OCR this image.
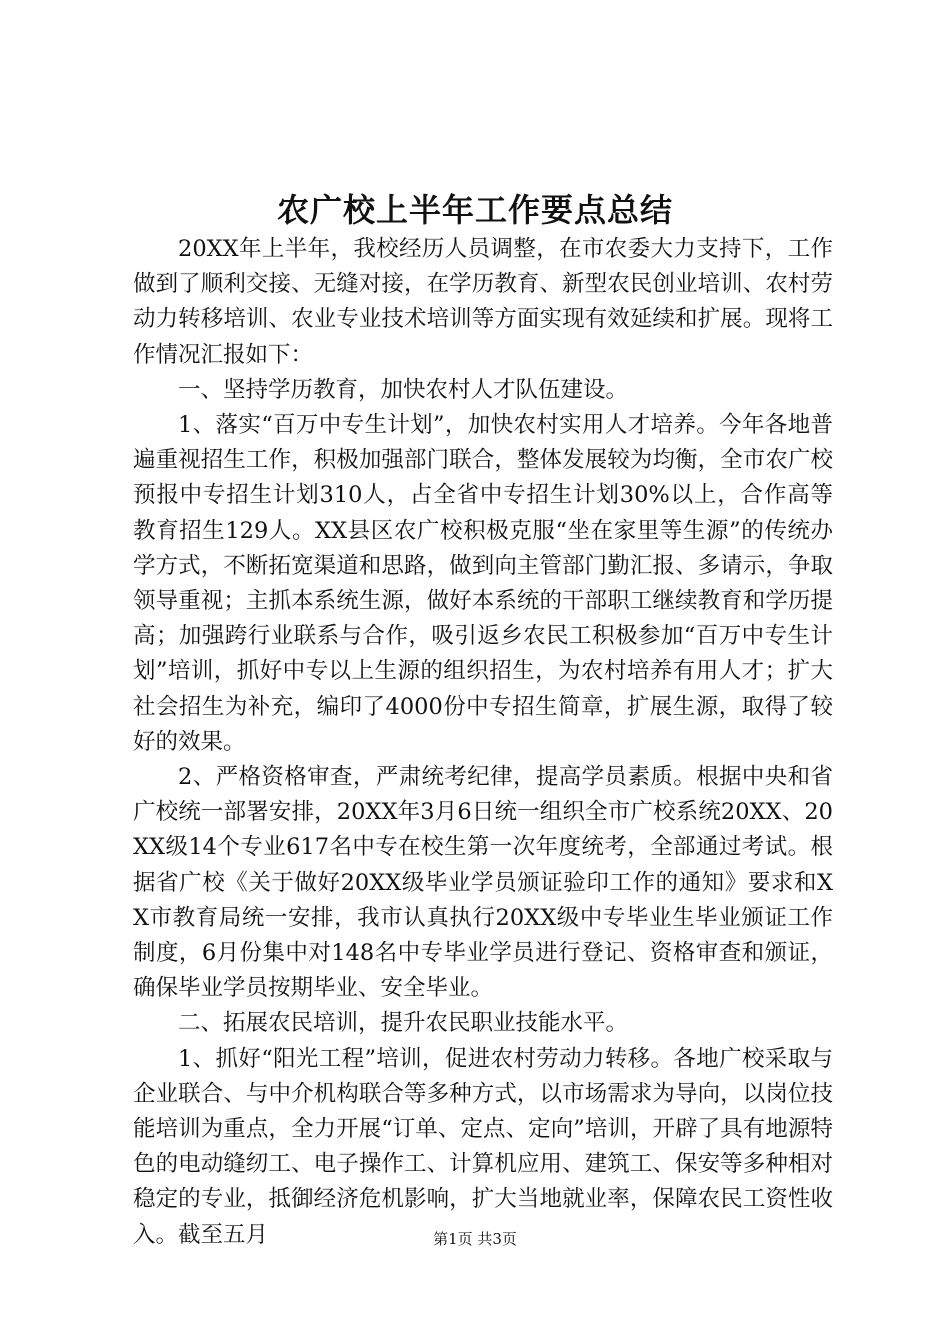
农广校上半年工作要点总结

20XX年上半年，我校经历人员调整，在市农委大力支持下，工作做到了顺利交接、无缝对接，在学历教育、新型农民创业培训、农村劳动力转移培训、农业专业技术培训等方面实现有效延续和扩展。现将工作情况汇报如下：

一、坚持学历教育，加快农村人才队伍建设。

1、落实“百万中专生计划”，加快农村实用人才培养。今年各地普遍重视招生工作，积极加强部门联合，整体发展较为均衡，全市农广校预报中专招生计划310人，占全省中专招生计划30%以上，合作高等教育招生129人。XX县区农广校积极克服“坐在家里等生源”的传统办学方式，不断拓宽渠道和思路，做到向主管部门勤汇报、多请示，争取领导重视；主抓本系统生源，做好本系统的干部职工继续教育和学历提高；加强跨行业联系与合作，吸引返乡农民工积极参加“百万中专生计划”培训，抓好中专以上生源的组织招生，为农村培养有用人才；扩大社会招生为补充，编印了4000份中专招生简章，扩展生源，取得了较好的效果。

2、严格资格审查，严肃统考纪律，提高学员素质。根据中央和省广校统一部署安排，20XX年3月6日统一组织全市广校系统20XX、20XX级14个专业617名中专在校生第一次年度统考，全部通过考试。根据省广校《关于做好20XX级毕业学员颁证验印工作的通知》要求和XX市教育局统一安排，我市认真执行20XX级中专毕业生毕业颁证工作制度，6月份集中对148名中专毕业学员进行登记、资格审查和颁证，确保毕业学员按期毕业、安全毕业。

二、拓展农民培训，提升农民职业技能水平。

1、抓好“阳光工程”培训，促进农村劳动力转移。各地广校采取与企业联合、与中介机构联合等多种方式，以市场需求为导向，以岗位技能培训为重点，全力开展“订单、定点、定向”培训，开辟了具有地源特色的电动缝纫工、电子操作工、计算机应用、建筑工、保安等多种相对稳定的专业，抵御经济危机影响，扩大当地就业率，保障农民工资性收入。截至五月	第1页 共3页
